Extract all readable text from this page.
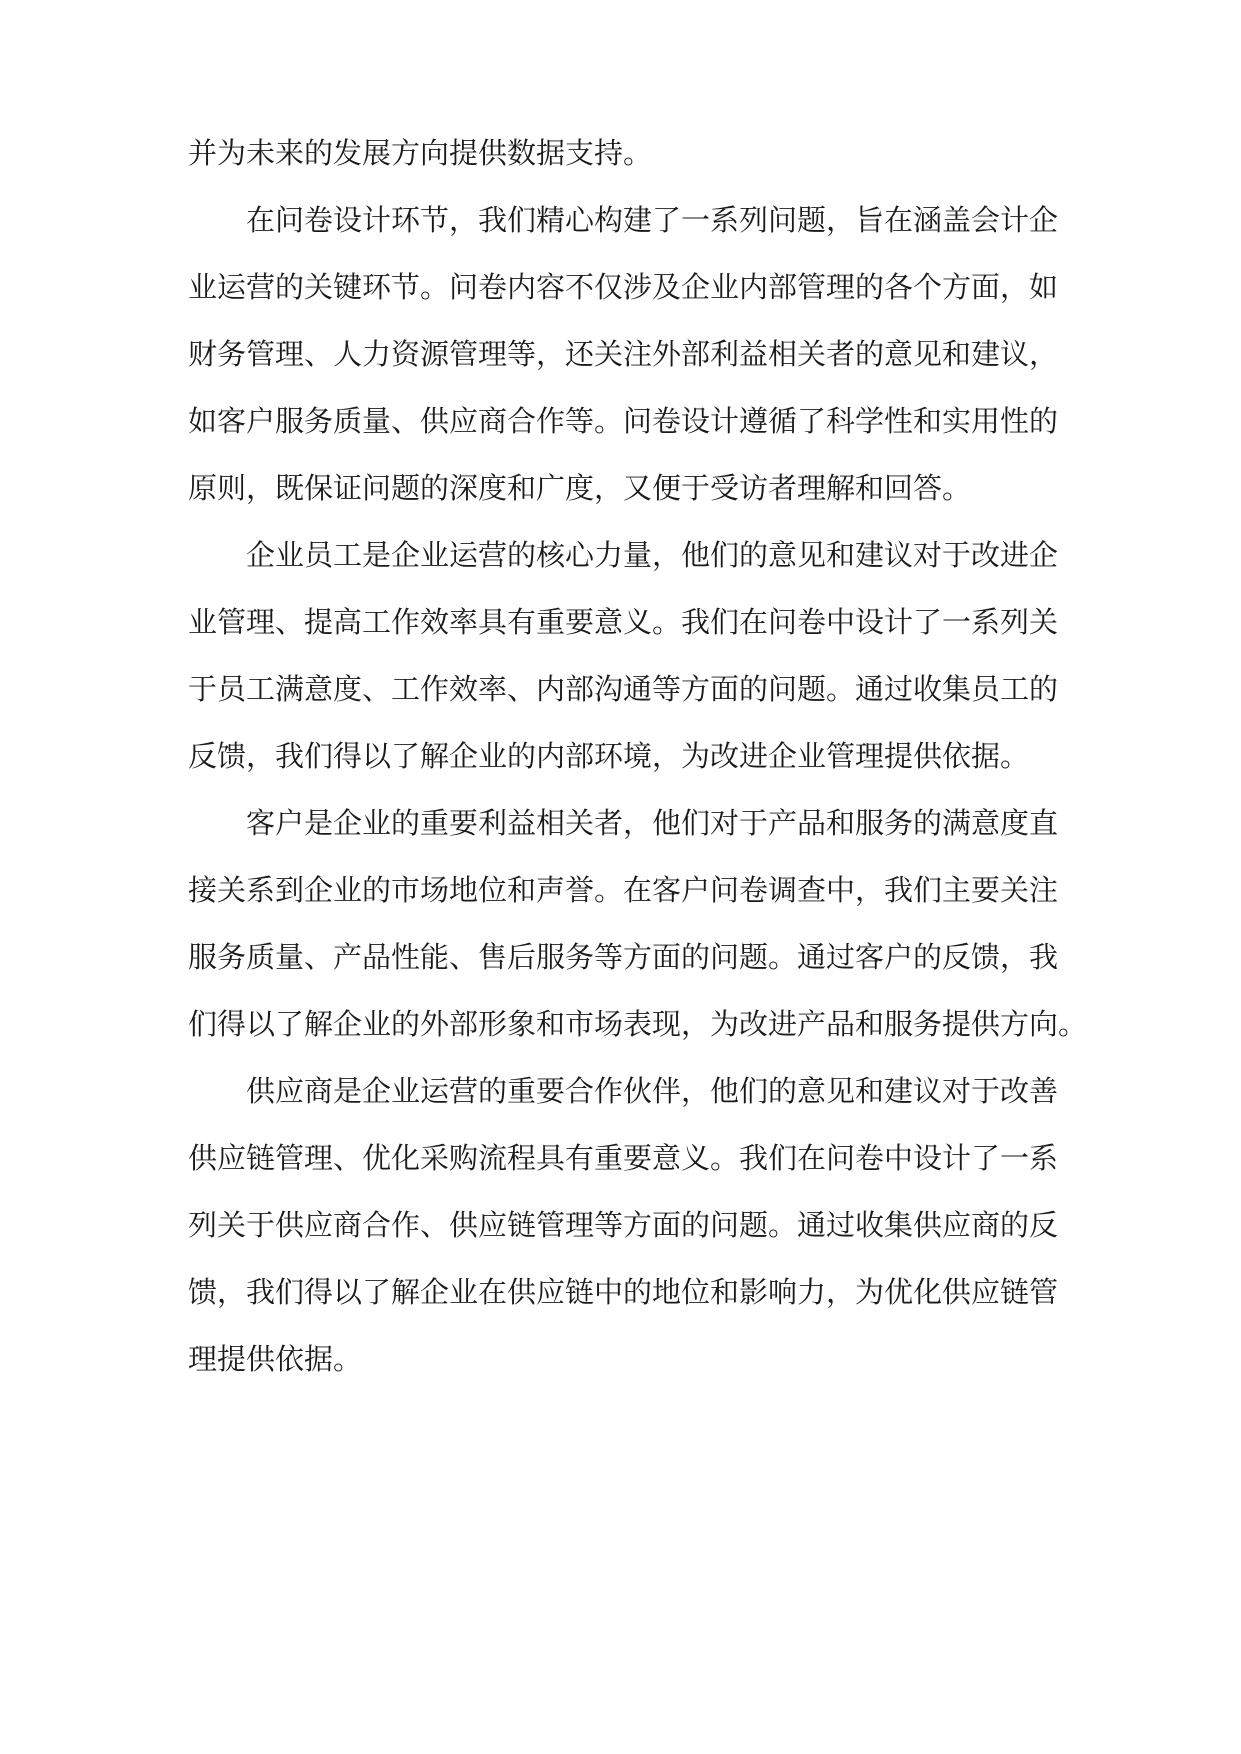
并为未来的发展方向提供数据支持。

在问卷设计环节，我们精心构建了一系列问题，旨在涵盖会计企

业运营的关键环节。问卷内容不仅涉及企业内部管理的各个方面，如

财务管理、人力资源管理等，还关注外部利益相关者的意见和建议，

如客户服务质量、供应商合作等。问卷设计遵循了科学性和实用性的

原则，既保证问题的深度和广度，又便于受访者理解和回答。

企业员工是企业运营的核心力量，他们的意见和建议对于改进企

业管理、提高工作效率具有重要意义。我们在问卷中设计了一系列关

于员工满意度、工作效率、内部沟通等方面的问题。通过收集员工的

反馈，我们得以了解企业的内部环境，为改进企业管理提供依据。

客户是企业的重要利益相关者，他们对于产品和服务的满意度直

接关系到企业的市场地位和声誉。在客户问卷调查中，我们主要关注

服务质量、产品性能、售后服务等方面的问题。通过客户的反馈，我

们得以了解企业的外部形象和市场表现，为改进产品和服务提供方向。

供应商是企业运营的重要合作伙伴，他们的意见和建议对于改善

供应链管理、优化采购流程具有重要意义。我们在问卷中设计了一系

列关于供应商合作、供应链管理等方面的问题。通过收集供应商的反

馈，我们得以了解企业在供应链中的地位和影响力，为优化供应链管

理提供依据。
